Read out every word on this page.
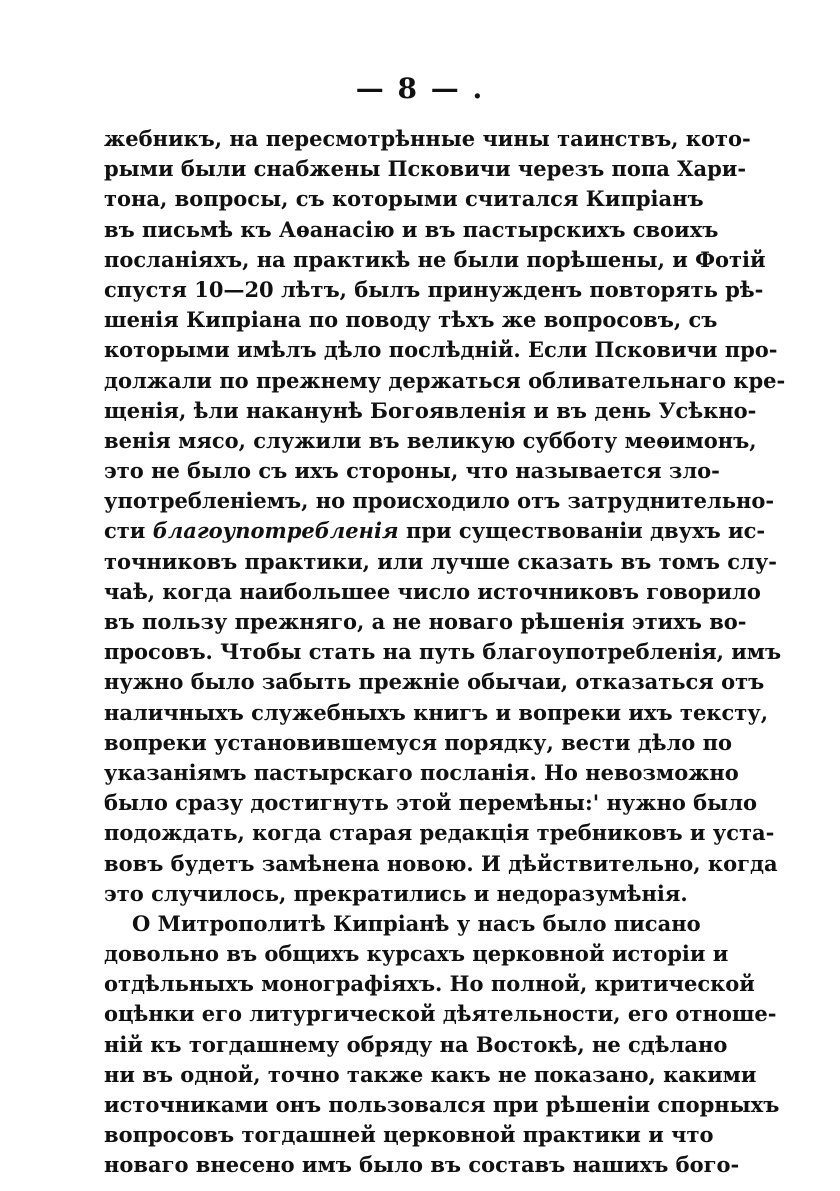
— 8 — .
жебникъ, на пересмотрѣнные чины таинствъ, кото-
рыми были снабжены Псковичи черезъ попа Хари-
тона, вопросы, съ которыми считался Кипріанъ
въ письмѣ къ Аѳанасію и въ пастырскихъ своихъ
посланіяхъ, на практикѣ не были порѣшены, и Фотій
спустя 10—20 лѣтъ, былъ принужденъ повторять рѣ-
шенія Кипріана по поводу тѣхъ же вопросовъ, съ
которыми имѣлъ дѣло послѣдній. Если Псковичи про-
должали по прежнему держаться обливательнаго кре-
щенія, ѣли наканунѣ Богоявленія и въ день Усѣкно-
венія мясо, служили въ великую субботу меѳимонъ,
это не было съ ихъ стороны, что называется зло-
употребленіемъ, но происходило отъ затруднительно-
сти благоупотребленія при существованіи двухъ ис-
точниковъ практики, или лучше сказать въ томъ слу-
чаѣ, когда наибольшее число источниковъ говорило
въ пользу прежняго, а не новаго рѣшенія этихъ во-
просовъ. Чтобы стать на путь благоупотребленія, имъ
нужно было забыть прежніе обычаи, отказаться отъ
наличныхъ служебныхъ книгъ и вопреки ихъ тексту,
вопреки установившемуся порядку, вести дѣло по
указаніямъ пастырскаго посланія. Но невозможно
было сразу достигнуть этой перемѣны:' нужно было
подождать, когда старая редакція требниковъ и уста-
вовъ будетъ замѣнена новою. И дѣйствительно, когда
это случилось, прекратились и недоразумѣнія.
О Митрополитѣ Кипріанѣ у насъ было писано
довольно въ общихъ курсахъ церковной исторіи и
отдѣльныхъ монографіяхъ. Но полной, критической
оцѣнки его литургической дѣятельности, его отноше-
ній къ тогдашнему обряду на Востокѣ, не сдѣлано
ни въ одной, точно также какъ не показано, какими
источниками онъ пользовался при рѣшеніи спорныхъ
вопросовъ тогдашней церковной практики и что
новаго внесено имъ было въ составъ нашихъ бого-
